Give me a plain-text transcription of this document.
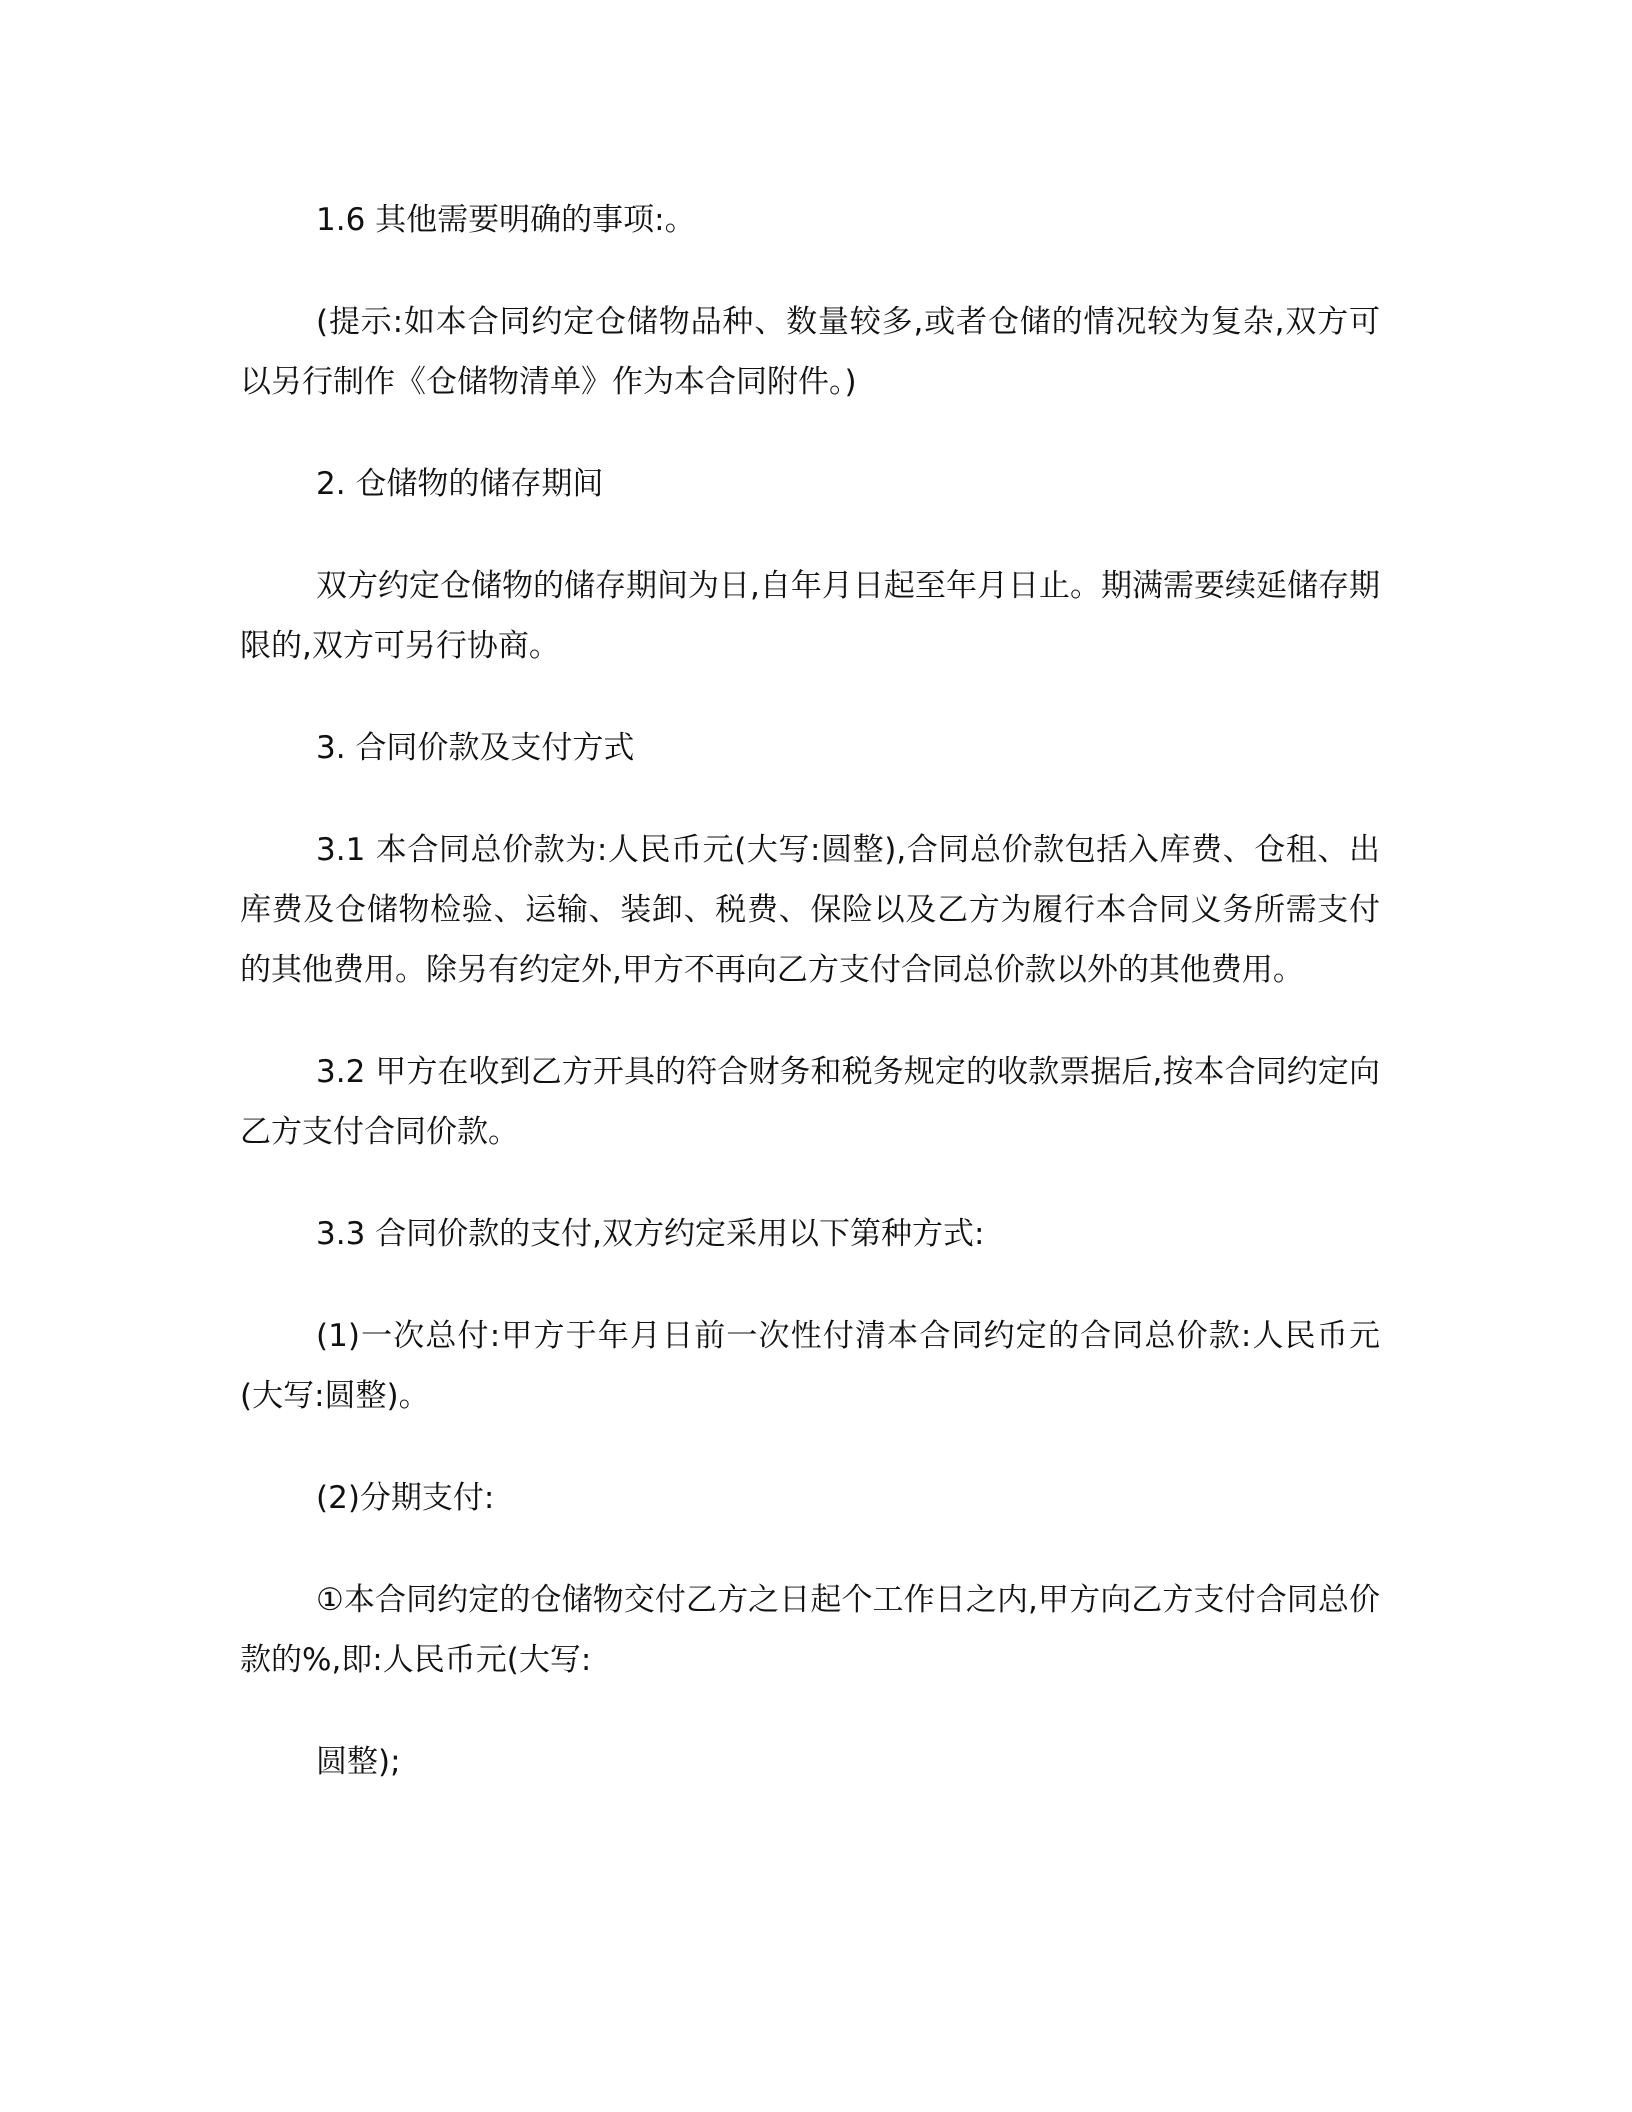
1.6 其他需要明确的事项:。

(提示:如本合同约定仓储物品种、数量较多,或者仓储的情况较为复杂,双方可以另行制作《仓储物清单》作为本合同附件。)

2. 仓储物的储存期间

双方约定仓储物的储存期间为日,自年月日起至年月日止。期满需要续延储存期限的,双方可另行协商。

3. 合同价款及支付方式

3.1 本合同总价款为:人民币元(大写:圆整),合同总价款包括入库费、仓租、出库费及仓储物检验、运输、装卸、税费、保险以及乙方为履行本合同义务所需支付的其他费用。除另有约定外,甲方不再向乙方支付合同总价款以外的其他费用。

3.2 甲方在收到乙方开具的符合财务和税务规定的收款票据后,按本合同约定向乙方支付合同价款。

3.3 合同价款的支付,双方约定采用以下第种方式:

(1)一次总付:甲方于年月日前一次性付清本合同约定的合同总价款:人民币元(大写:圆整)。

(2)分期支付:

①本合同约定的仓储物交付乙方之日起个工作日之内,甲方向乙方支付合同总价款的%,即:人民币元(大写:

圆整);
